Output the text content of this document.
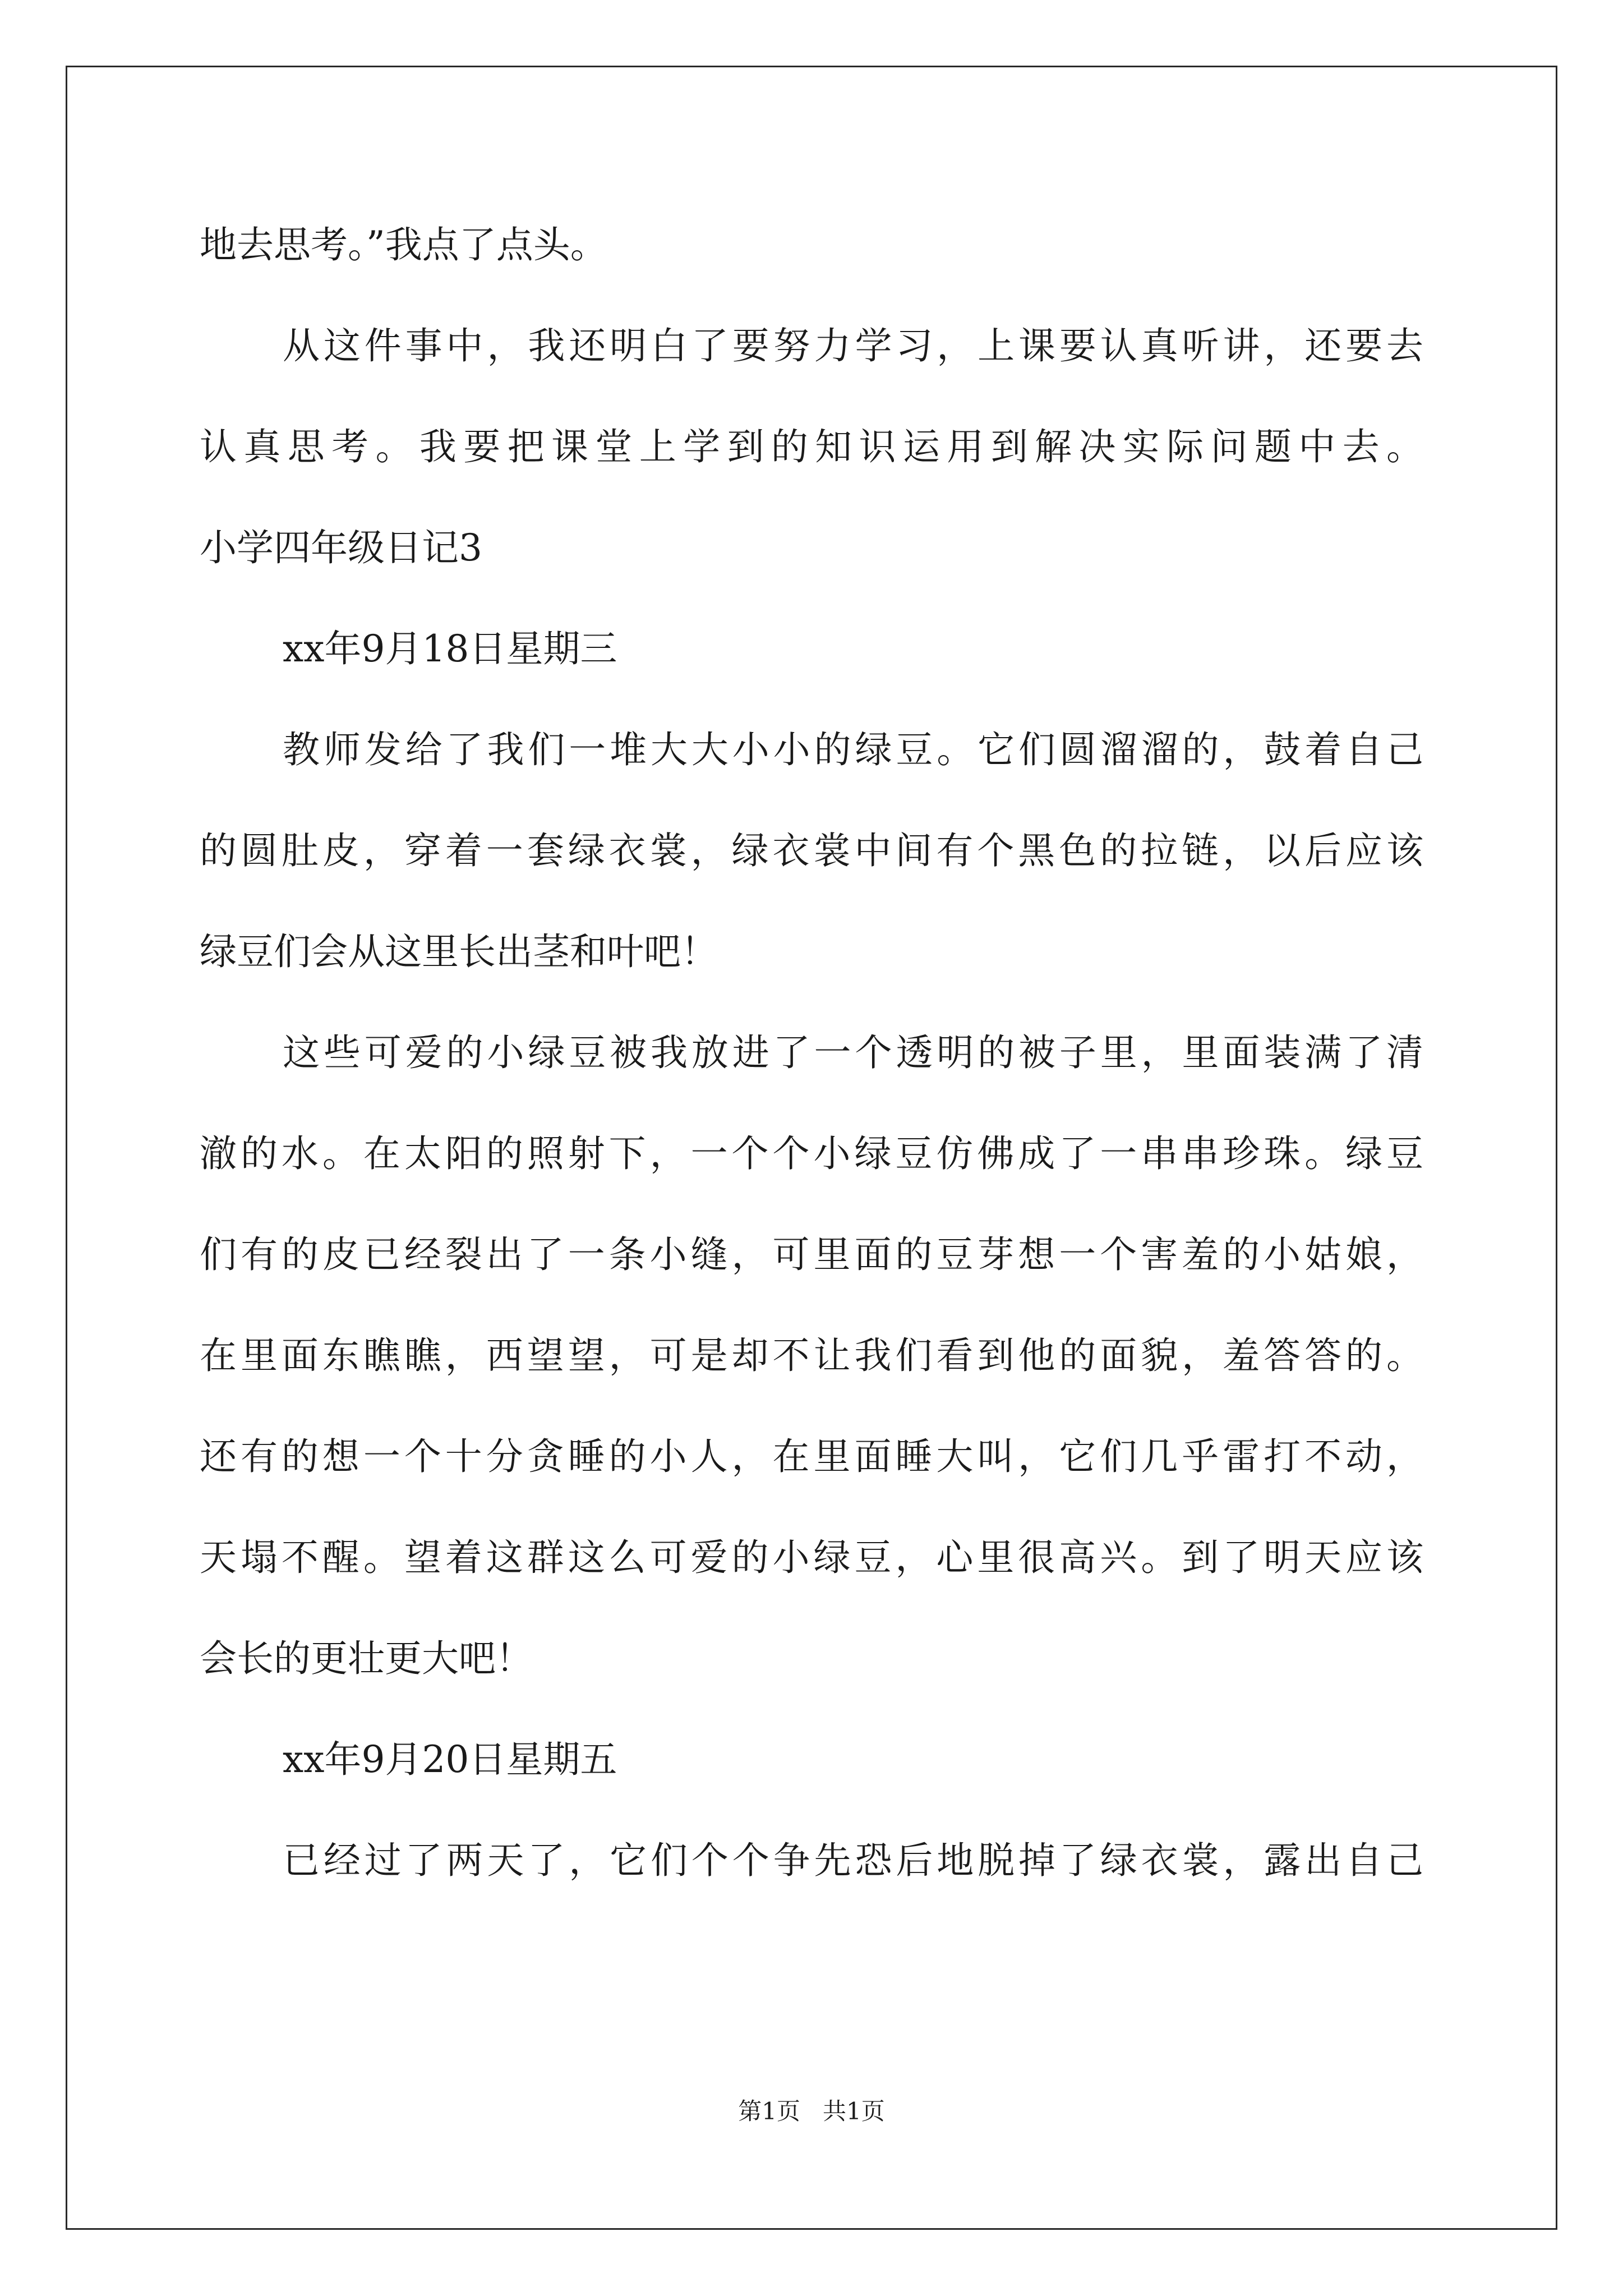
地去思考。”我点了点头。

从这件事中，我还明白了要努力学习，上课要认真听讲，还要去

认真思考。我要把课堂上学到的知识运用到解决实际问题中去。

小学四年级日记3

xx年9月18日星期三

教师发给了我们一堆大大小小的绿豆。它们圆溜溜的，鼓着自己

的圆肚皮，穿着一套绿衣裳，绿衣裳中间有个黑色的拉链，以后应该

绿豆们会从这里长出茎和叶吧！

这些可爱的小绿豆被我放进了一个透明的被子里，里面装满了清

澈的水。在太阳的照射下，一个个小绿豆仿佛成了一串串珍珠。绿豆

们有的皮已经裂出了一条小缝，可里面的豆芽想一个害羞的小姑娘，

在里面东瞧瞧，西望望，可是却不让我们看到他的面貌，羞答答的。

还有的想一个十分贪睡的小人，在里面睡大叫，它们几乎雷打不动，

天塌不醒。望着这群这么可爱的小绿豆，心里很高兴。到了明天应该

会长的更壮更大吧！

xx年9月20日星期五

已经过了两天了，它们个个争先恐后地脱掉了绿衣裳，露出自己

第1页   共1页
